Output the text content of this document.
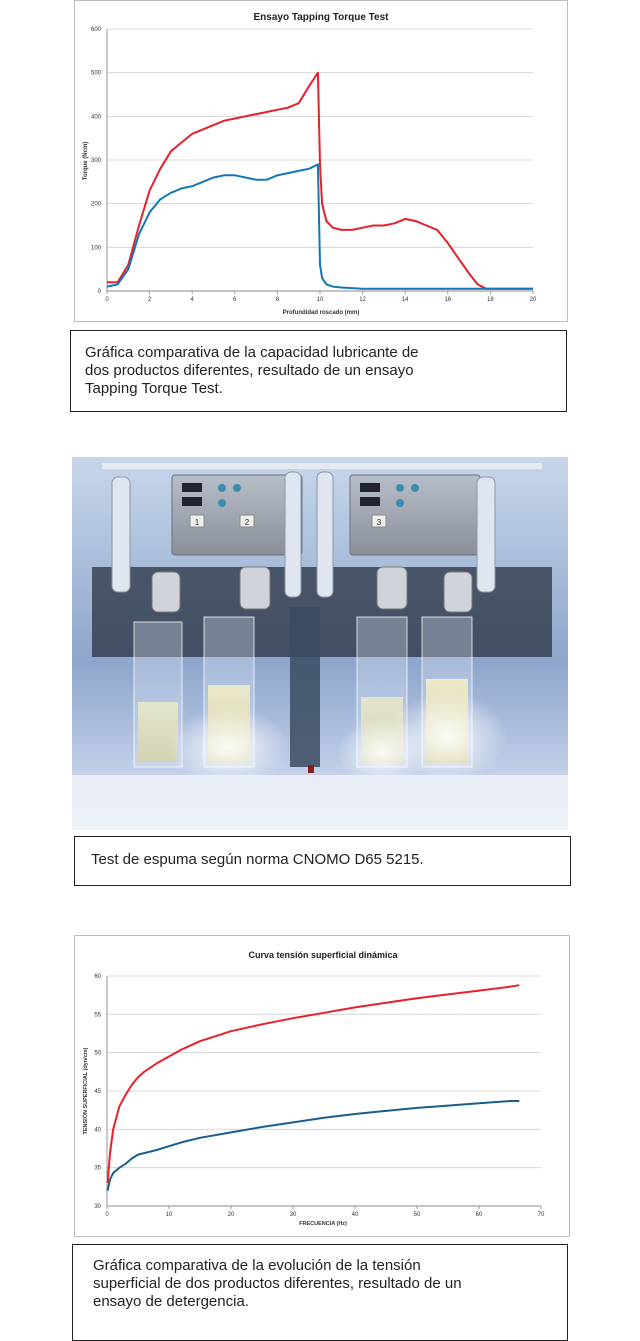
0
100
200
300
400
500
600
0	2	4	6	8	10	12	14	16	18	20
Ensayo Tapping Torque Test
Profundidad roscado (mm)
Torque (Ncm)
Gráfica comparativa de la capacidad lubricante de
dos productos diferentes, resultado de un ensayo
Tapping Torque Test.
1	2	3
Test de espuma según norma CNOMO D65 5215.
30
35
40
45
50
55
60
0	10	20	30	40	50	60	70
Curva tensión superficial dinámica
FRECUENCIA (Hz)
TENSIÓN SUPERFICIAL (dyn/cm)
Gráfica comparativa de la evolución de la tensión
superficial de dos productos diferentes, resultado de un
ensayo de detergencia.
